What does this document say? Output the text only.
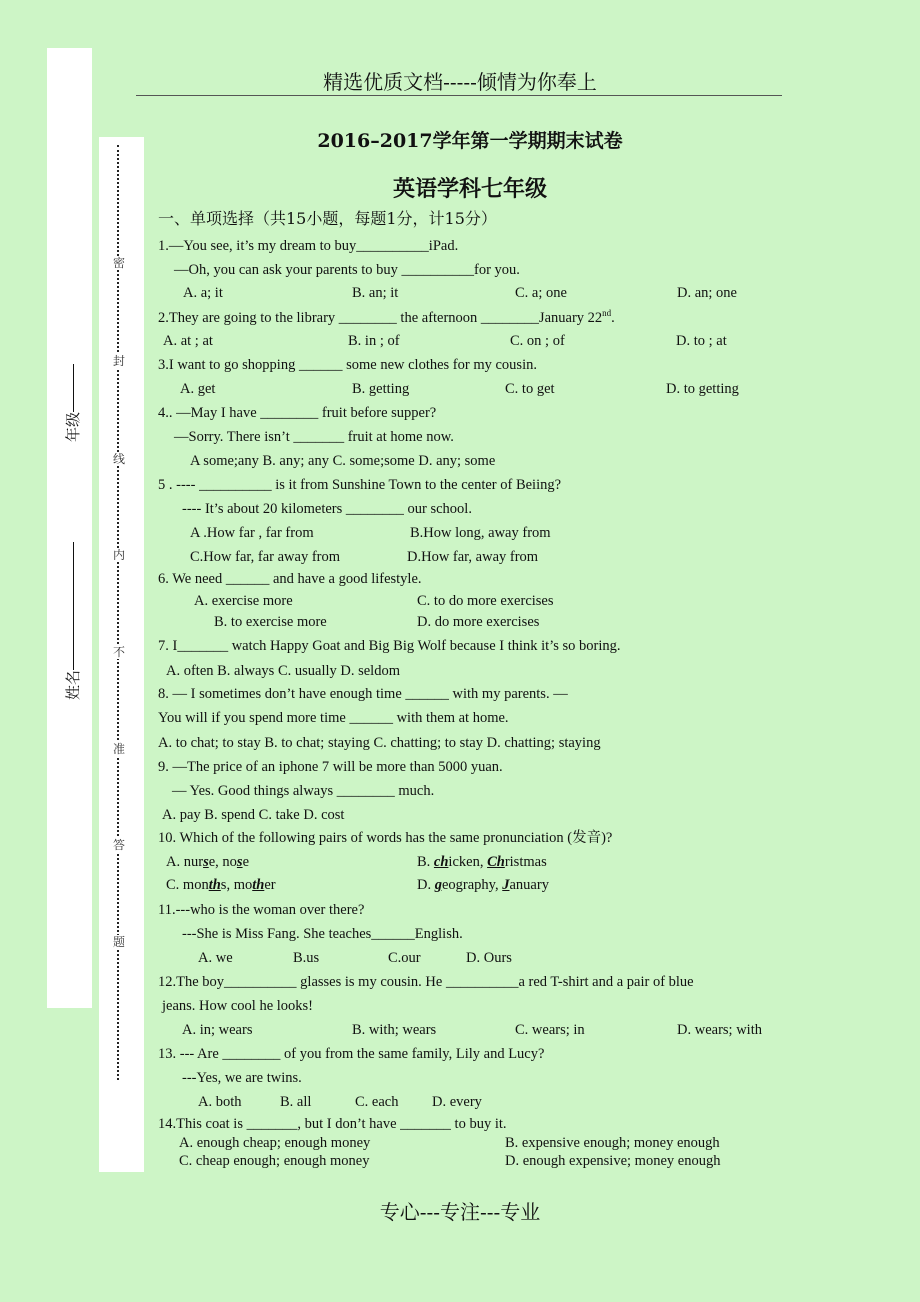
年级
姓名
密
封
线
内
不
准
答
题
精选优质文档-----倾情为你奉上
专心---专注---专业
2016–2017学年第一学期期末试卷
英语学科七年级
一、单项选择（共15小题，每题1分，计15分）
1.—You see, it’s my dream to buy__________iPad.
—Oh, you can ask your parents to buy __________for you.
A. a; it	B. an; it	C. a; one	D. an; one
2.They are going to the library ________ the afternoon ________January 22nd.
A. at ; at	B. in ; of	C. on ; of	D. to ; at
3.I want to go shopping ______ some new clothes for my cousin.
A. get	B. getting	C. to get	D. to getting
4.. —May I have ________ fruit before supper?
—Sorry. There isn’t _______ fruit at home now.
A some;any B. any; any C. some;some D. any; some
5 . ---- __________ is it from Sunshine Town to the center of Beiing?
---- It’s about 20 kilometers ________ our school.
A .How far , far from	B.How long, away from
C.How far, far away from	D.How far, away from
6. We need ______ and have a good lifestyle.
A. exercise more	C. to do more exercises
B. to exercise more	D. do more exercises
7. I_______ watch Happy Goat and Big Big Wolf because I think it’s so boring.
A. often B. always C. usually D. seldom
8. — I sometimes don’t have enough time ______ with my parents. —
You will if you spend more time ______ with them at home.
A. to chat; to stay B. to chat; staying C. chatting; to stay D. chatting; staying
9. —The price of an iphone 7 will be more than 5000 yuan.
— Yes. Good things always ________ much.
A. pay B. spend C. take D. cost
10. Which of the following pairs of words has the same pronunciation (发音)?
A. nurse, nose	B. chicken, Christmas
C. months, mother	D. geography, January
11.---who is the woman over there?
---She is Miss Fang. She teaches______English.
A. we	B.us	C.our	D. Ours
12.The boy__________ glasses is my cousin. He __________a red T-shirt and a pair of blue
jeans. How cool he looks!
A. in; wears	B. with; wears	C. wears; in	D. wears; with
13. --- Are ________ of you from the same family, Lily and Lucy?
---Yes, we are twins.
A. both	B. all	C. each D. every
14.This coat is _______, but I don’t have _______ to buy it.
A. enough cheap; enough money	B. expensive enough; money enough
C. cheap enough; enough money	D. enough expensive; money enough
